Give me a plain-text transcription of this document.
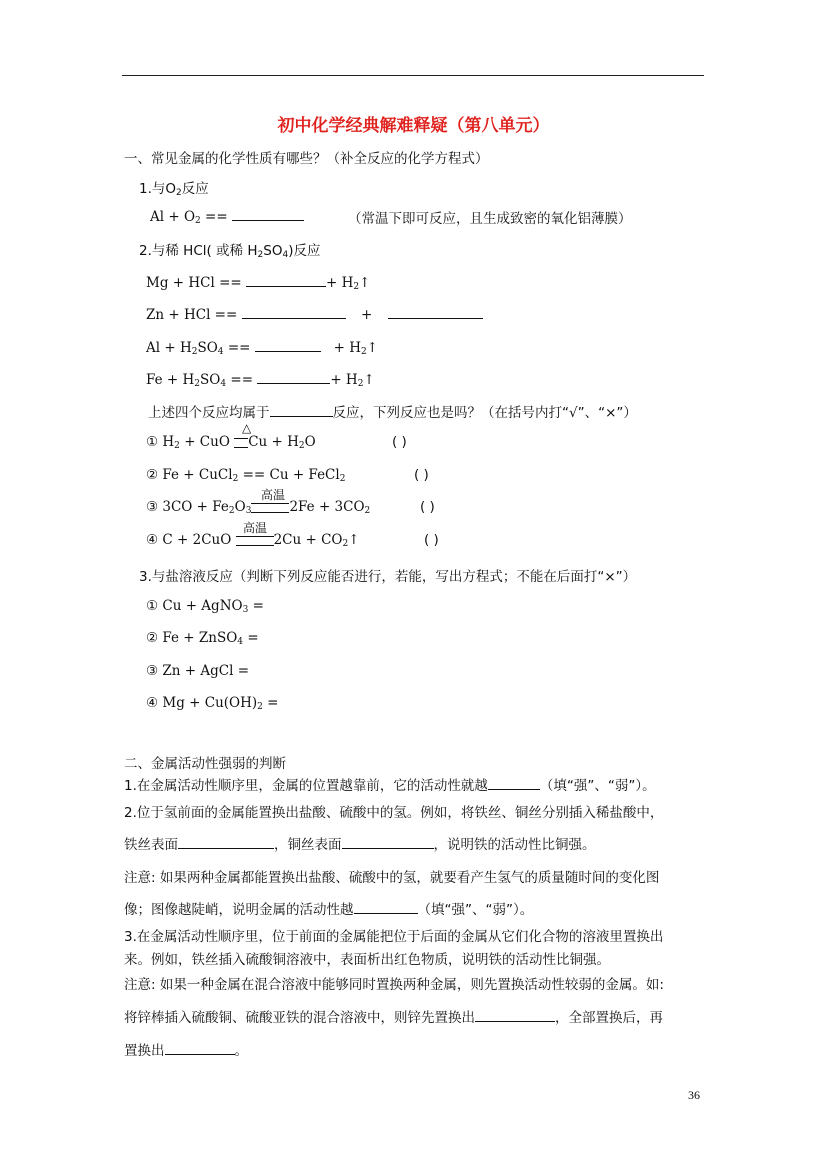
初中化学经典解难释疑（第八单元）
一、常见金属的化学性质有哪些？（补全反应的化学方程式）
1.与$O_2$反应
$Al + O_2$ ==	（常温下即可反应，且生成致密的氧化铝薄膜）
2.与稀 HCl( 或稀 $H_2SO_4$)反应
Mg + HCl ==	+ $H_2↑$
Zn + HCl ==	+
$Al + H_2SO_4$ ==	+ $H_2↑$
$Fe + H_2SO_4$ ==	+ $H_2↑$
上述四个反应均属于	反应，下列反应也是吗？（在括号内打“√”、“×”）
△
① $H_2$ + CuO $Cu + H_2O$	( )
② Fe + CuCl$_2$ == Cu + FeCl$_2$	( )
高温
③ $3CO + Fe_2O_3$	$2Fe + 3CO_2$	( )
高温
④ C + 2CuO	$2Cu + CO_2↑$	( )
3.与盐溶液反应（判断下列反应能否进行，若能，写出方程式；不能在后面打“×”）
① Cu + AgNO$_3$ =
② Fe + ZnSO$_4$ =
③ Zn + AgCl =
④ $Mg + Cu(OH)_2$ =
二、金属活动性强弱的判断
1.在金属活动性顺序里，金属的位置越靠前，它的活动性就越	（填“强”、“弱”）。
2.位于氢前面的金属能置换出盐酸、硫酸中的氢。例如，将铁丝、铜丝分别插入稀盐酸中，
铁丝表面	，铜丝表面	，说明铁的活动性比铜强。
注意: 如果两种金属都能置换出盐酸、硫酸中的氢，就要看产生氢气的质量随时间的变化图
像；图像越陡峭，说明金属的活动性越	（填“强”、“弱”）。
3.在金属活动性顺序里，位于前面的金属能把位于后面的金属从它们化合物的溶液里置换出
来。例如，铁丝插入硫酸铜溶液中，表面析出红色物质，说明铁的活动性比铜强。
注意: 如果一种金属在混合溶液中能够同时置换两种金属，则先置换活动性较弱的金属。如:
将锌棒插入硫酸铜、硫酸亚铁的混合溶液中，则锌先置换出	，全部置换后，再
置换出	。
36
